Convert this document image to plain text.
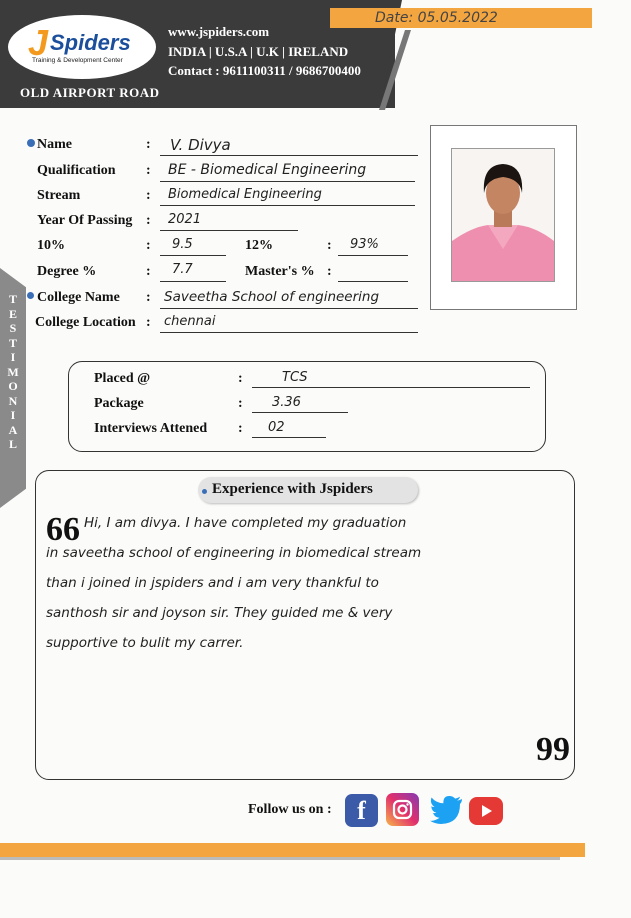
J Spiders
Training & Development Center
www.jspiders.com
INDIA | U.S.A | U.K | IRELAND
Contact : 9611100311 / 9686700400
OLD AIRPORT ROAD
Date: 05.05.2022
T
E
S
T
I
M
O
N
I
A
L
Name	: V. Divya
Qualification : BE - Biomedical Engineering
Stream	: Biomedical Engineering
Year Of Passing : 2021
10%	: 9.5	12%	: 93%
Degree %	: 7.7	Master's % :
College Name : Saveetha School of engineering
College Location : chennai
Placed @	:	TCS
Package	: 3.36
Interviews Attened : 02
Experience with Jspiders
66 Hi, I am divya. I have completed my graduation
in saveetha school of engineering in biomedical stream
than i joined in jspiders and i am very thankful to
santhosh sir and joyson sir. They guided me & very
supportive to bulit my carrer.
99
Follow us on : f
